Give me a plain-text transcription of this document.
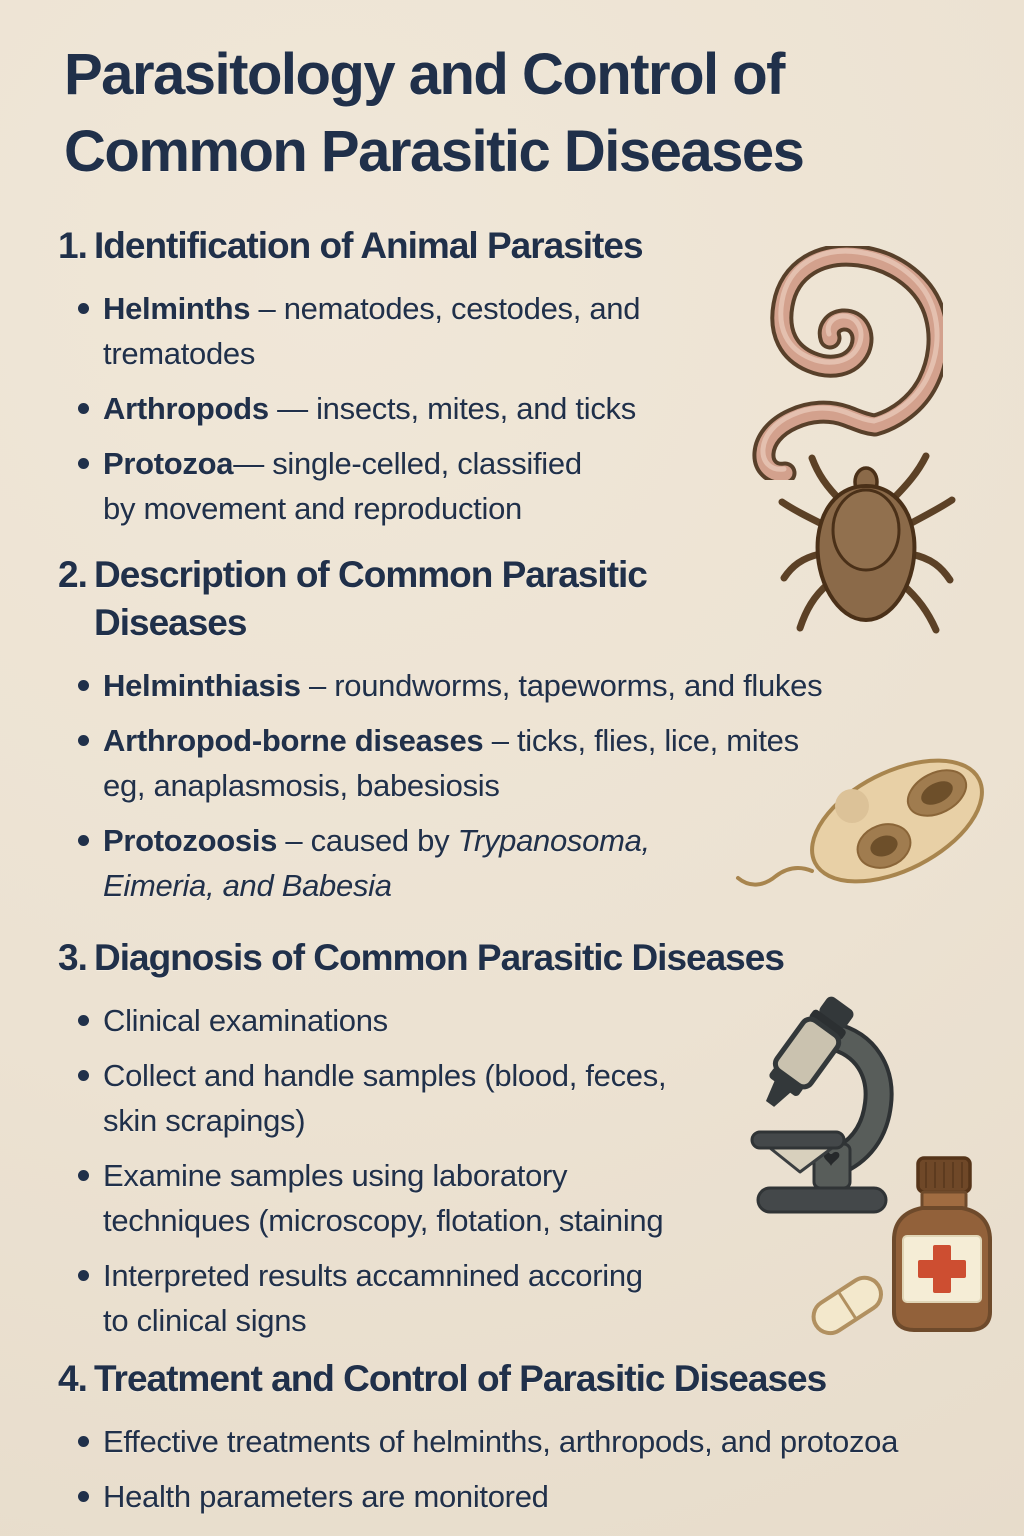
Parasitology and Control of
Common Parasitic Diseases
1. Identification of Animal Parasites
Helminths – nematodes, cestodes, and
trematodes
Arthropods — insects, mites, and ticks
Protozoa— single-celled, classified
by movement and reproduction
2. Description of Common Parasitic
Diseases
Helminthiasis – roundworms, tapeworms, and flukes
Arthropod-borne diseases – ticks, flies, lice, mites
eg, anaplasmosis, babesiosis
Protozoosis – caused by Trypanosoma,
Eimeria, and Babesia
3. Diagnosis of Common Parasitic Diseases
Clinical examinations
Collect and handle samples (blood, feces,
skin scrapings)
Examine samples using laboratory
techniques (microscopy, flotation, staining
Interpreted results accamnined accoring
to clinical signs
4. Treatment and Control of Parasitic Diseases
Effective treatments of helminths, arthropods, and protozoa
Health parameters are monitored
